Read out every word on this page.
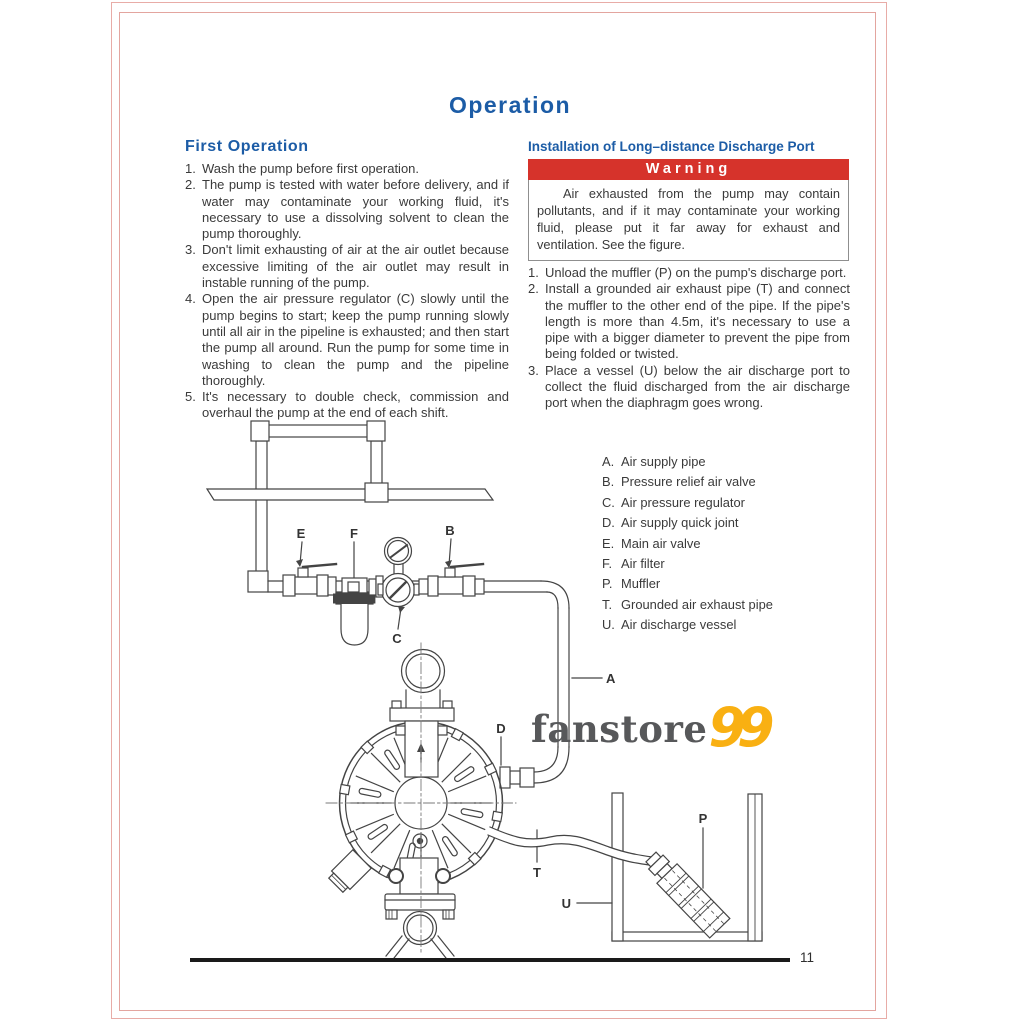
Operation
First Operation
1. Wash the pump before first operation.
2. The pump is tested with water before delivery, and if water may contaminate your working fluid, it's necessary to use a dissolving solvent to clean the pump thoroughly.
3. Don't limit exhausting of air at the air outlet because excessive limiting of the air outlet may result in instable running of the pump.
4. Open the air pressure regulator (C) slowly until the pump begins to start; keep the pump running slowly until all air in the pipeline is exhausted; and then start the pump all around. Run the pump for some time in washing to clean the pump and the pipeline thoroughly.
5. It's necessary to double check, commission and overhaul the pump at the end of each shift.
Installation of Long–distance Discharge Port
Warning
Air exhausted from the pump may contain pollutants, and if it may contaminate your working fluid, please put it far away for exhaust and ventilation. See the figure.
1. Unload the muffler (P) on the pump's discharge port.
2. Install a grounded air exhaust pipe (T) and connect the muffler to the other end of the pipe. If the pipe's length is more than 4.5m, it's necessary to use a pipe with a bigger diameter to prevent the pipe from being folded or twisted.
3. Place a vessel (U) below the air discharge port to collect the fluid discharged from the air discharge port when the diaphragm goes wrong.
E	F	B
C
D
A
T
U
P
A. Air supply pipe
B. Pressure relief air valve
C. Air pressure regulator
D. Air supply quick joint
E. Main air valve
F. Air filter
P. Muffler
T. Grounded air exhaust pipe
U. Air discharge vessel
fanstore 99
11
